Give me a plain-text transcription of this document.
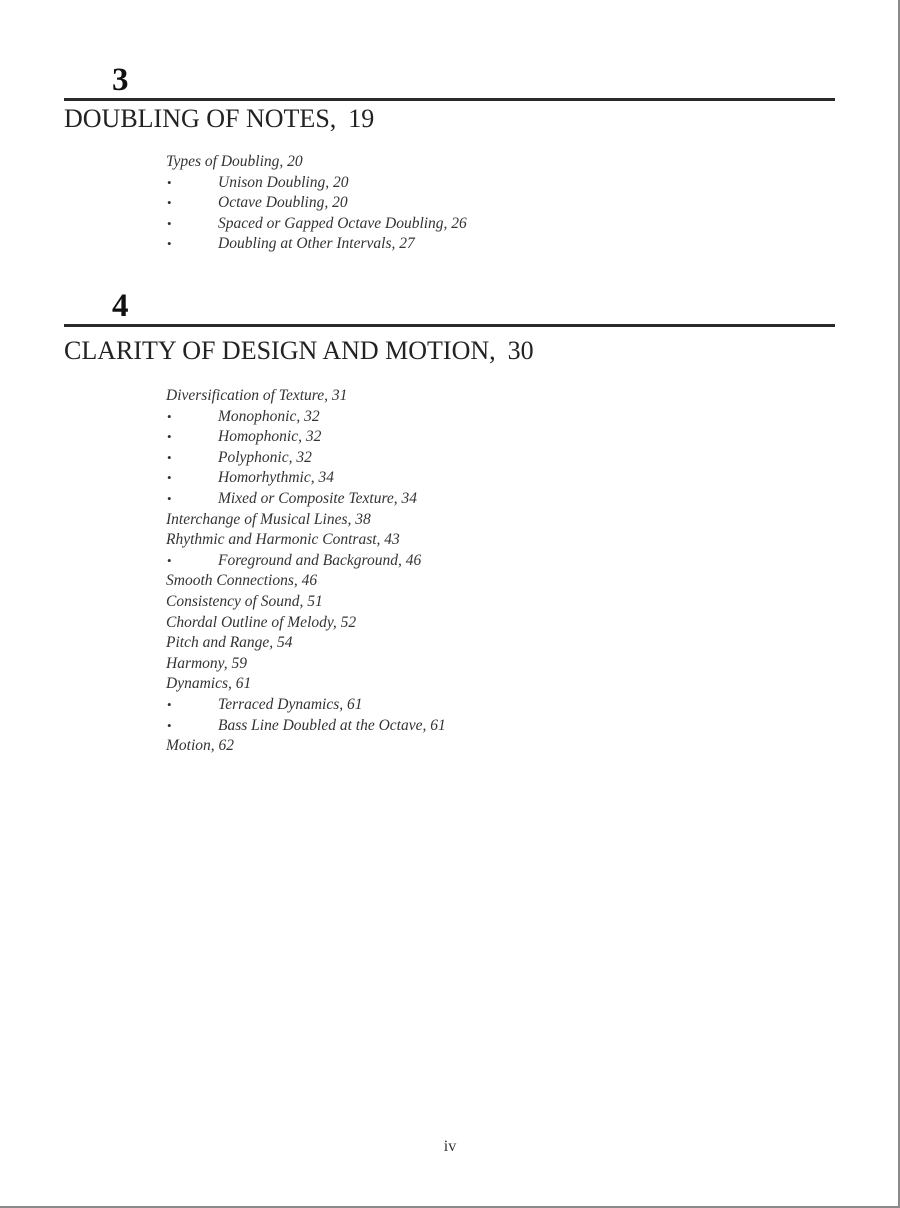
3
DOUBLING OF NOTES, 19
Types of Doubling, 20
•	Unison Doubling, 20
•	Octave Doubling, 20
•	Spaced or Gapped Octave Doubling, 26
•	Doubling at Other Intervals, 27
4
CLARITY OF DESIGN AND MOTION, 30
Diversification of Texture, 31
•	Monophonic, 32
•	Homophonic, 32
•	Polyphonic, 32
•	Homorhythmic, 34
•	Mixed or Composite Texture, 34
Interchange of Musical Lines, 38
Rhythmic and Harmonic Contrast, 43
•	Foreground and Background, 46
Smooth Connections, 46
Consistency of Sound, 51
Chordal Outline of Melody, 52
Pitch and Range, 54
Harmony, 59
Dynamics, 61
•	Terraced Dynamics, 61
•	Bass Line Doubled at the Octave, 61
Motion, 62
iv
